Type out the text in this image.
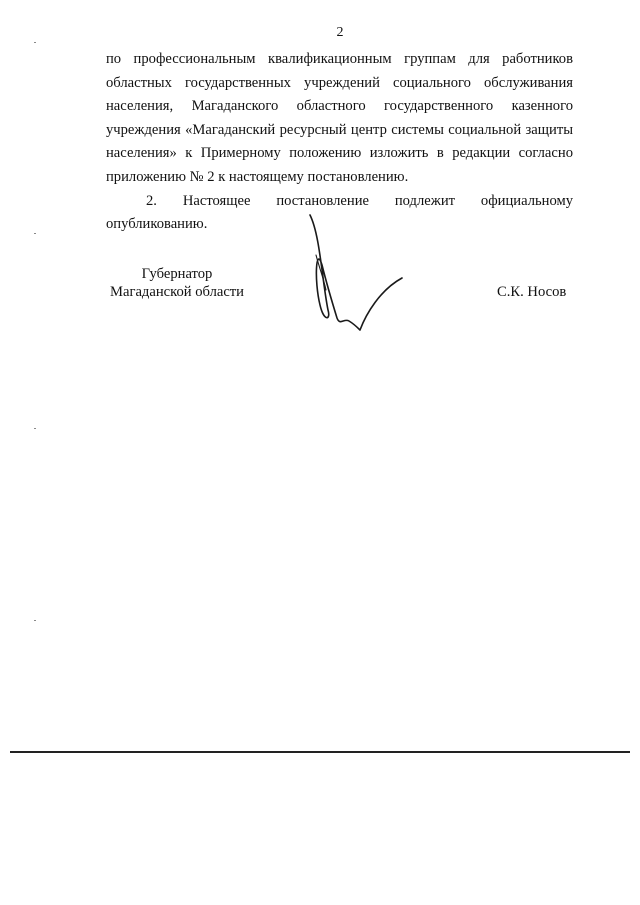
2

по профессиональным квалификационным группам для работников областных государственных учреждений социального обслуживания населения, Магаданского областного государственного казенного учреждения «Магаданский ресурсный центр системы социальной защиты населения» к Примерному положению изложить в редакции согласно приложению № 2 к настоящему постановлению.

2. Настоящее постановление подлежит официальному опубликованию.

Губернатор
Магаданской области	С.К. Носов
